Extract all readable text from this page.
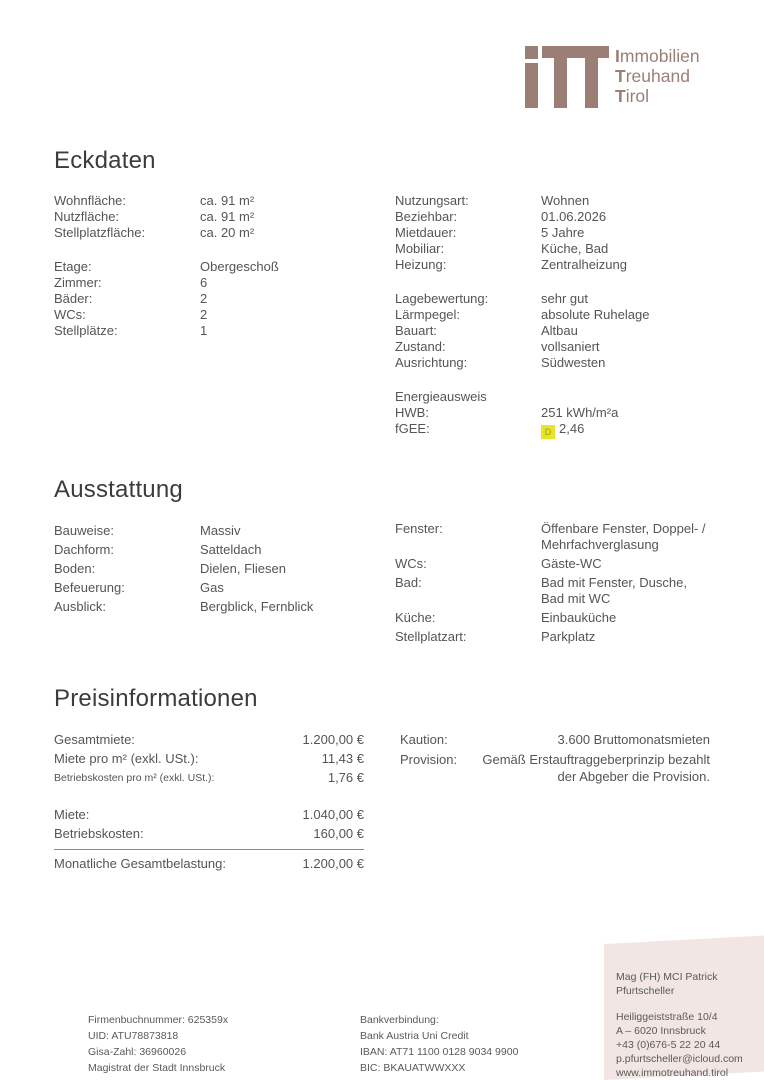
Immobilien
Treuhand
Tirol
Eckdaten
Wohnfläche:	ca. 91 m²
Nutzfläche:	ca. 91 m²
Stellplatzfläche:	ca. 20 m²
Etage:	Obergeschoß
Zimmer:	6
Bäder:	2
WCs:	2
Stellplätze:	1
Nutzungsart:	Wohnen
Beziehbar:	01.06.2026
Mietdauer:	5 Jahre
Mobiliar:	Küche, Bad
Heizung:	Zentralheizung
Lagebewertung:	sehr gut
Lärmpegel:	absolute Ruhelage
Bauart:	Altbau
Zustand:	vollsaniert
Ausrichtung:	Südwesten
Energieausweis
HWB:	251 kWh/m²a
fGEE:	D 2,46
Ausstattung
Bauweise:	Massiv
Dachform:	Satteldach
Boden:	Dielen, Fliesen
Befeuerung:	Gas
Ausblick:	Bergblick, Fernblick
Fenster:	Öffenbare Fenster, Doppel- / Mehrfachverglasung
WCs:	Gäste-WC
Bad:	Bad mit Fenster, Dusche, Bad mit WC
Küche:	Einbauküche
Stellplatzart:	Parkplatz
Preisinformationen
Gesamtmiete:	1.200,00 €
Miete pro m² (exkl. USt.):	11,43 €
Betriebskosten pro m² (exkl. USt.):	1,76 €
Miete:	1.040,00 €
Betriebskosten:	160,00 €
Monatliche Gesamtbelastung:	1.200,00 €
Kaution:	3.600 Bruttomonatsmieten
Provision:	Gemäß Erstauftraggeberprinzip bezahlt der Abgeber die Provision.
Firmenbuchnummer: 625359x
UID: ATU78873818
Gisa-Zahl: 36960026
Magistrat der Stadt Innsbruck
Bankverbindung:
Bank Austria Uni Credit
IBAN: AT71 1100 0128 9034 9900
BIC: BKAUATWWXXX
Mag (FH) MCI Patrick Pfurtscheller
Heiliggeiststraße 10/4
A – 6020 Innsbruck
+43 (0)676-5 22 20 44
p.pfurtscheller@icloud.com
www.immotreuhand.tirol
